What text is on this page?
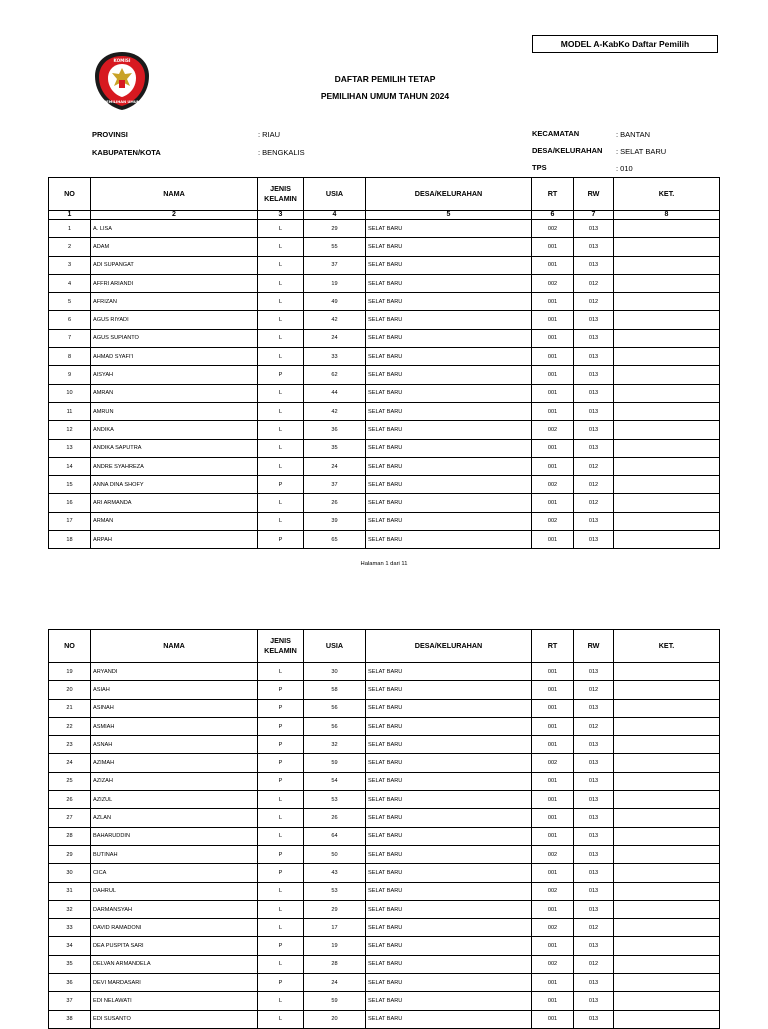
MODEL A-KabKo Daftar Pemilih
KOMISI
PEMILIHAN UMUM
DAFTAR PEMILIH TETAP
PEMILIHAN UMUM TAHUN 2024
PROVINSI	: RIAU
KABUPATEN/KOTA	: BENGKALIS
KECAMATAN	: BANTAN
DESA/KELURAHAN : SELAT BARU
TPS	: 010
NO	NAMA	JENIS
KELAMIN	USIA	DESA/KELURAHAN	RT	RW	KET.
1	2	3	4	5	6	7	8
1	A. LISA	L	29	SELAT BARU	002	013	
2	ADAM	L	55	SELAT BARU	001	013	
3	ADI SUPANGAT	L	37	SELAT BARU	001	013	
4	AFFRI ARIANDI	L	19	SELAT BARU	002	012	
5	AFRIZAN	L	49	SELAT BARU	001	012	
6	AGUS RIYADI	L	42	SELAT BARU	001	013	
7	AGUS SUPIANTO	L	24	SELAT BARU	001	013	
8	AHMAD SYAFI'I	L	33	SELAT BARU	001	013	
9	AISYAH	P	62	SELAT BARU	001	013	
10	AMRAN	L	44	SELAT BARU	001	013	
11	AMRUN	L	42	SELAT BARU	001	013	
12	ANDIKA	L	36	SELAT BARU	002	013	
13	ANDIKA SAPUTRA	L	35	SELAT BARU	001	013	
14	ANDRE SYAHREZA	L	24	SELAT BARU	001	012	
15	ANNA DINA SHOFY	P	37	SELAT BARU	002	012	
16	ARI ARMANDA	L	26	SELAT BARU	001	012	
17	ARMAN	L	39	SELAT BARU	002	013	
18	ARPAH	P	65	SELAT BARU	001	013	
Halaman 1 dari 11
NO	NAMA	JENIS
KELAMIN	USIA	DESA/KELURAHAN	RT	RW	KET.
19	ARYANDI	L	30	SELAT BARU	001	013	
20	ASIAH	P	58	SELAT BARU	001	012	
21	ASINAH	P	56	SELAT BARU	001	013	
22	ASMIAH	P	56	SELAT BARU	001	012	
23	ASNAH	P	32	SELAT BARU	001	013	
24	AZIMAH	P	59	SELAT BARU	002	013	
25	AZIZAH	P	54	SELAT BARU	001	013	
26	AZIZUL	L	53	SELAT BARU	001	013	
27	AZLAN	L	26	SELAT BARU	001	013	
28	BAHARUDDIN	L	64	SELAT BARU	001	013	
29	BUTINAH	P	50	SELAT BARU	002	013	
30	CICA	P	43	SELAT BARU	001	013	
31	DAHRUL	L	53	SELAT BARU	002	013	
32	DARMANSYAH	L	29	SELAT BARU	001	013	
33	DAVID RAMADONI	L	17	SELAT BARU	002	012	
34	DEA PUSPITA SARI	P	19	SELAT BARU	001	013	
35	DELVAN ARMANDELA	L	28	SELAT BARU	002	012	
36	DEVI MARDASARI	P	24	SELAT BARU	001	013	
37	EDI NELAWATI	L	59	SELAT BARU	001	013	
38	EDI SUSANTO	L	20	SELAT BARU	001	013	
